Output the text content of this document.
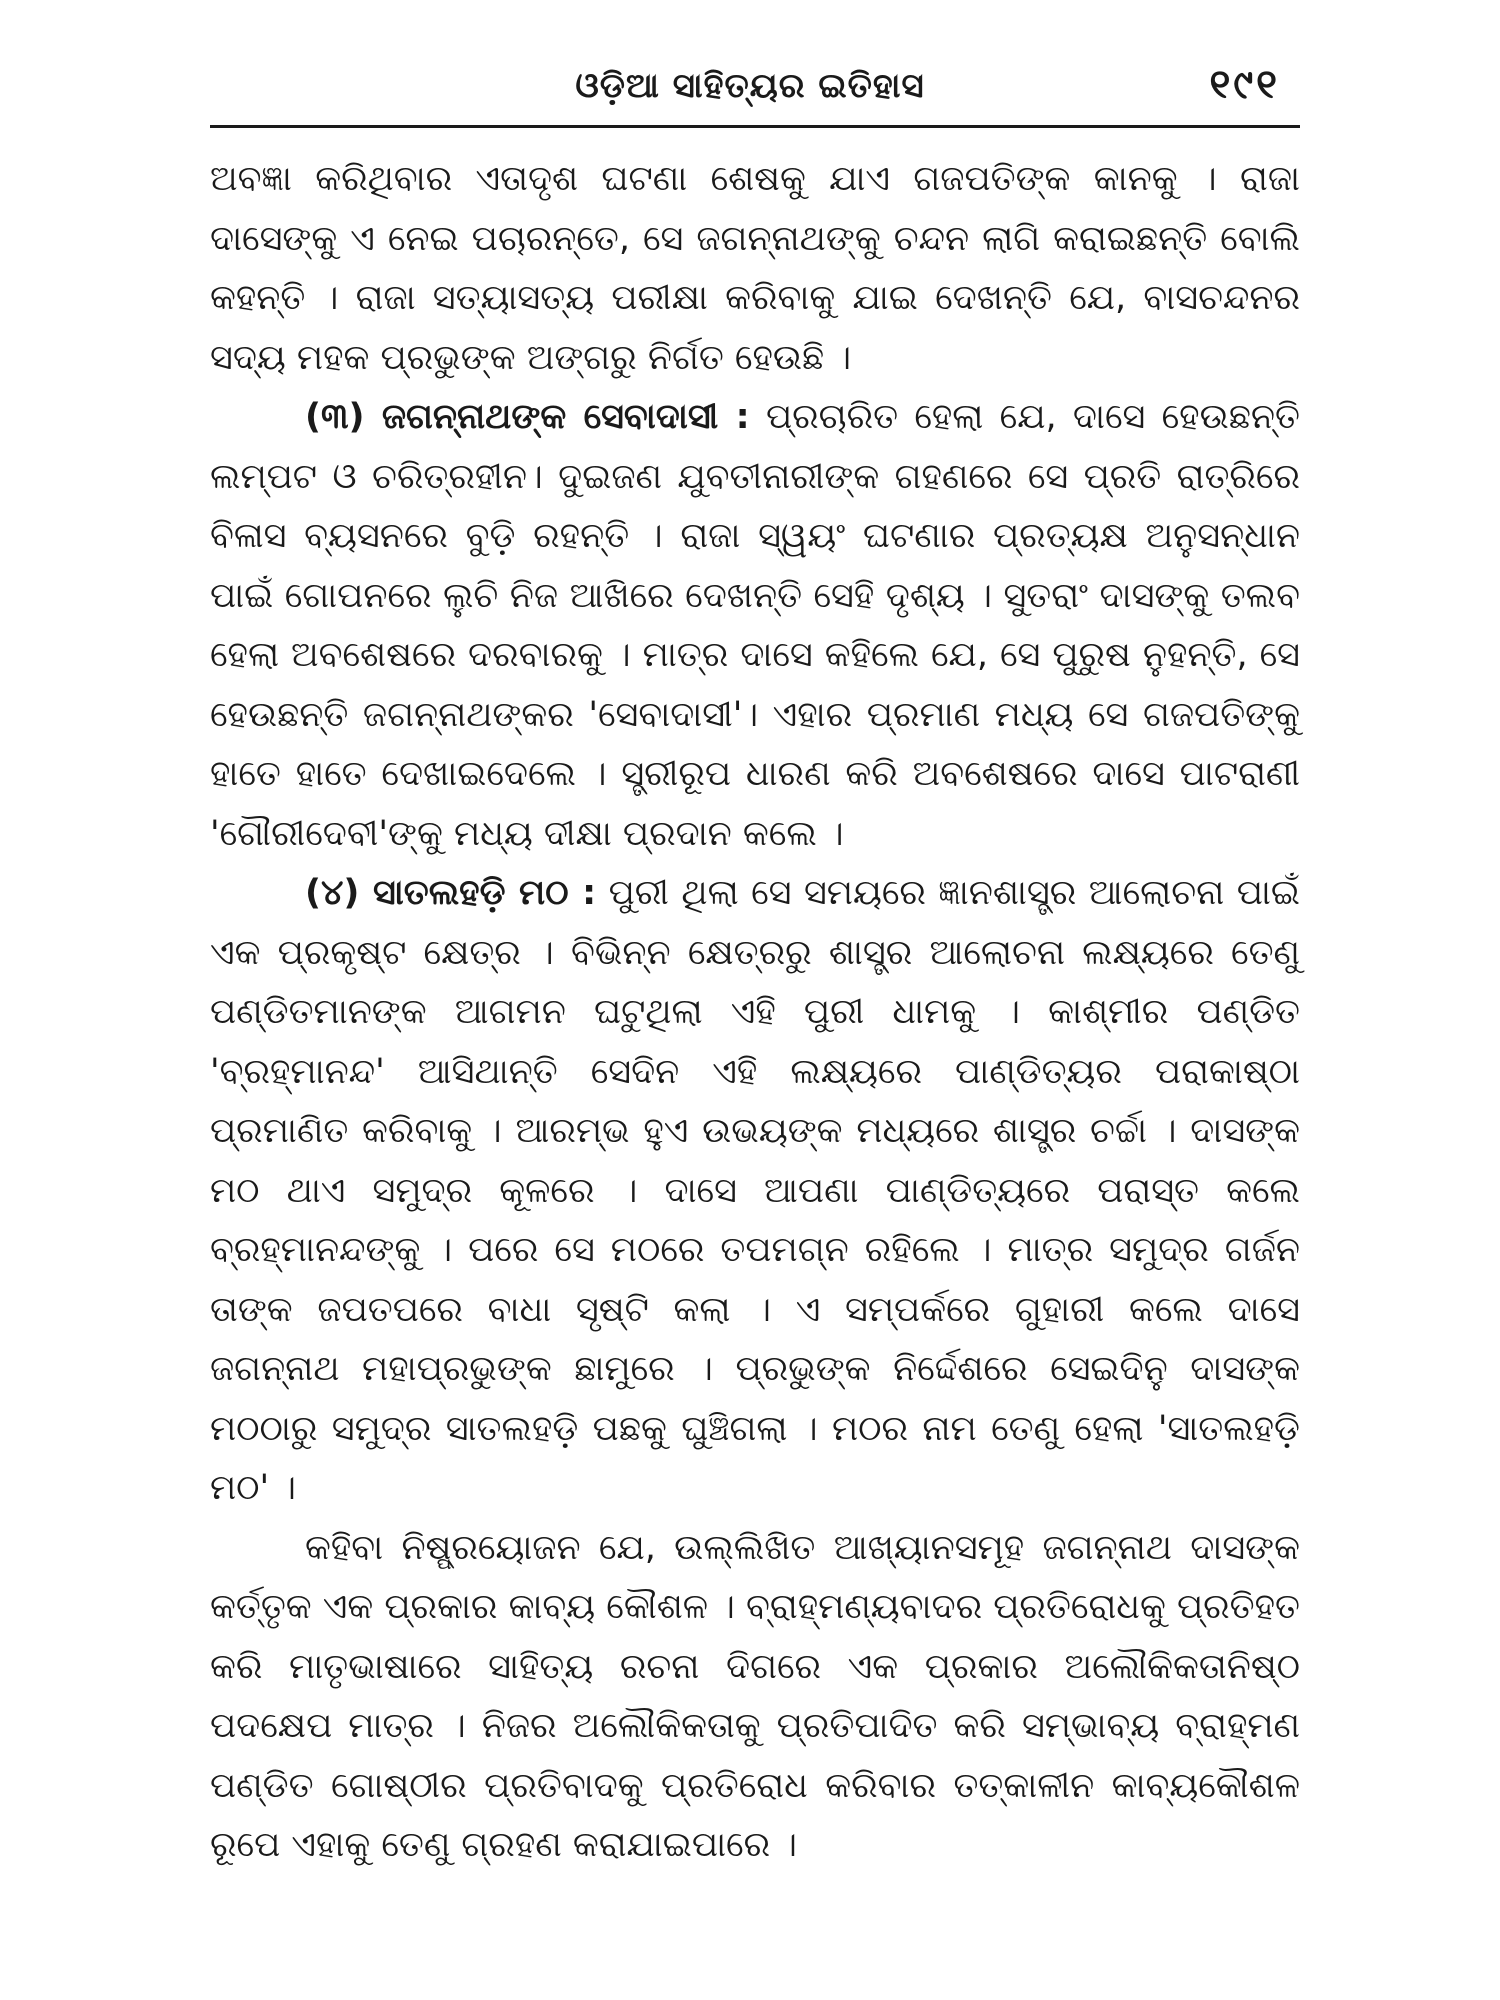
ଓଡ଼ିଆ ସାହିତ୍ୟର ଇତିହାସ	୧୯୧

ଅବଜ୍ଞା କରିଥିବାର ଏତାଦୃଶ ଘଟଣା ଶେଷକୁ ଯାଏ ଗଜପତିଙ୍କ କାନକୁ । ରାଜା ଦାସେଙ୍କୁ ଏ ନେଇ ପଚାରନ୍ତେ, ସେ ଜଗନ୍ନାଥଙ୍କୁ ଚନ୍ଦନ ଲାଗି କରାଇଛନ୍ତି ବୋଲି କହନ୍ତି । ରାଜା ସତ୍ୟାସତ୍ୟ ପରୀକ୍ଷା କରିବାକୁ ଯାଇ ଦେଖନ୍ତି ଯେ, ବାସଚନ୍ଦନର ସଦ୍ୟ ମହକ ପ୍ରଭୁଙ୍କ ଅଙ୍ଗରୁ ନିର୍ଗତ ହେଉଛି ।

(୩) ଜଗନ୍ନାଥଙ୍କ ସେବାଦାସୀ : ପ୍ରଚାରିତ ହେଲା ଯେ, ଦାସେ ହେଉଛନ୍ତି ଲମ୍ପଟ ଓ ଚରିତ୍ରହୀନ। ଦୁଇଜଣ ଯୁବତୀନାରୀଙ୍କ ଗହଣରେ ସେ ପ୍ରତି ରାତ୍ରିରେ ବିଳାସ ବ୍ୟସନରେ ବୁଡ଼ି ରହନ୍ତି । ରାଜା ସ୍ୱୟଂ ଘଟଣାର ପ୍ରତ୍ୟକ୍ଷ ଅନୁସନ୍ଧାନ ପାଇଁ ଗୋପନରେ ଲୁଚି ନିଜ ଆଖିରେ ଦେଖନ୍ତି ସେହି ଦୃଶ୍ୟ । ସୁତରାଂ ଦାସଙ୍କୁ ତଲବ ହେଲା ଅବଶେଷରେ ଦରବାରକୁ । ମାତ୍ର ଦାସେ କହିଲେ ଯେ, ସେ ପୁରୁଷ ନୁହନ୍ତି, ସେ ହେଉଛନ୍ତି ଜଗନ୍ନାଥଙ୍କର 'ସେବାଦାସୀ'। ଏହାର ପ୍ରମାଣ ମଧ୍ୟ ସେ ଗଜପତିଙ୍କୁ ହାତେ ହାତେ ଦେଖାଇଦେଲେ । ସ୍ତ୍ରୀରୂପ ଧାରଣ କରି ଅବଶେଷରେ ଦାସେ ପାଟରାଣୀ 'ଗୌରୀଦେବୀ'ଙ୍କୁ ମଧ୍ୟ ଦୀକ୍ଷା ପ୍ରଦାନ କଲେ ।

(୪) ସାତଲହଡ଼ି ମଠ : ପୁରୀ ଥିଲା ସେ ସମୟରେ ଜ୍ଞାନଶାସ୍ତ୍ର ଆଲୋଚନା ପାଇଁ ଏକ ପ୍ରକୃଷ୍ଟ କ୍ଷେତ୍ର । ବିଭିନ୍ନ କ୍ଷେତ୍ରରୁ ଶାସ୍ତ୍ର ଆଲୋଚନା ଲକ୍ଷ୍ୟରେ ତେଣୁ ପଣ୍ଡିତମାନଙ୍କ ଆଗମନ ଘଟୁଥିଲା ଏହି ପୁରୀ ଧାମକୁ । କାଶ୍ମୀର ପଣ୍ଡିତ 'ବ୍ରହ୍ମାନନ୍ଦ' ଆସିଥାନ୍ତି ସେଦିନ ଏହି ଲକ୍ଷ୍ୟରେ ପାଣ୍ଡିତ୍ୟର ପରାକାଷ୍ଠା ପ୍ରମାଣିତ କରିବାକୁ । ଆରମ୍ଭ ହୁଏ ଉଭୟଙ୍କ ମଧ୍ୟରେ ଶାସ୍ତ୍ର ଚର୍ଚ୍ଚା । ଦାସଙ୍କ ମଠ ଥାଏ ସମୁଦ୍ର କୂଳରେ । ଦାସେ ଆପଣା ପାଣ୍ଡିତ୍ୟରେ ପରାସ୍ତ କଲେ ବ୍ରହ୍ମାନନ୍ଦଙ୍କୁ । ପରେ ସେ ମଠରେ ତପମଗ୍ନ ରହିଲେ । ମାତ୍ର ସମୁଦ୍ର ଗର୍ଜନ ତାଙ୍କ ଜପତପରେ ବାଧା ସୃଷ୍ଟି କଲା । ଏ ସମ୍ପର୍କରେ ଗୁହାରୀ କଲେ ଦାସେ ଜଗନ୍ନାଥ ମହାପ୍ରଭୁଙ୍କ ଛାମୁରେ । ପ୍ରଭୁଙ୍କ ନିର୍ଦ୍ଦେଶରେ ସେଇଦିନୁ ଦାସଙ୍କ ମଠଠାରୁ ସମୁଦ୍ର ସାତଲହଡ଼ି ପଛକୁ ଘୁଞ୍ଚିଗଲା । ମଠର ନାମ ତେଣୁ ହେଲା 'ସାତଲହଡ଼ି ମଠ' ।

କହିବା ନିଷ୍ପ୍ରୟୋଜନ ଯେ, ଉଲ୍ଲିଖିତ ଆଖ୍ୟାନସମୂହ ଜଗନ୍ନାଥ ଦାସଙ୍କ କର୍ତ୍ତୃକ ଏକ ପ୍ରକାର କାବ୍ୟ କୌଶଳ । ବ୍ରାହ୍ମଣ୍ୟବାଦର ପ୍ରତିରୋଧକୁ ପ୍ରତିହତ କରି ମାତୃଭାଷାରେ ସାହିତ୍ୟ ରଚନା ଦିଗରେ ଏକ ପ୍ରକାର ଅଲୌକିକତାନିଷ୍ଠ ପଦକ୍ଷେପ ମାତ୍ର । ନିଜର ଅଲୌକିକତାକୁ ପ୍ରତିପାଦିତ କରି ସମ୍ଭାବ୍ୟ ବ୍ରାହ୍ମଣ ପଣ୍ଡିତ ଗୋଷ୍ଠୀର ପ୍ରତିବାଦକୁ ପ୍ରତିରୋଧ କରିବାର ତତ୍କାଳୀନ କାବ୍ୟକୌଶଳ ରୂପେ ଏହାକୁ ତେଣୁ ଗ୍ରହଣ କରାଯାଇପାରେ ।
